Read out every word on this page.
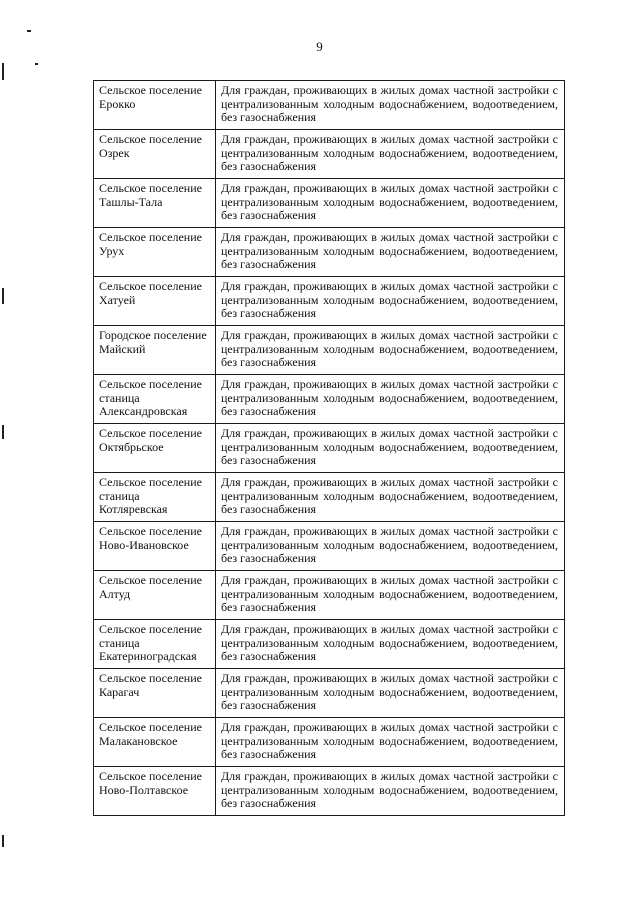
9
Сельское поселение
Ерокко	Для граждан, проживающих в жилых домах частной застройки с централизованным холодным водоснабжением, водоотведением, без газоснабжения
Сельское поселение
Озрек	Для граждан, проживающих в жилых домах частной застройки с централизованным холодным водоснабжением, водоотведением, без газоснабжения
Сельское поселение
Ташлы-Тала	Для граждан, проживающих в жилых домах частной застройки с централизованным холодным водоснабжением, водоотведением, без газоснабжения
Сельское поселение
Урух	Для граждан, проживающих в жилых домах частной застройки с централизованным холодным водоснабжением, водоотведением, без газоснабжения
Сельское поселение
Хатуей	Для граждан, проживающих в жилых домах частной застройки с централизованным холодным водоснабжением, водоотведением, без газоснабжения
Городское поселение
Майский	Для граждан, проживающих в жилых домах частной застройки с централизованным холодным водоснабжением, водоотведением, без газоснабжения
Сельское поселение
станица
Александровская	Для граждан, проживающих в жилых домах частной застройки с централизованным холодным водоснабжением, водоотведением, без газоснабжения
Сельское поселение
Октябрьское	Для граждан, проживающих в жилых домах частной застройки с централизованным холодным водоснабжением, водоотведением, без газоснабжения
Сельское поселение
станица
Котляревская	Для граждан, проживающих в жилых домах частной застройки с централизованным холодным водоснабжением, водоотведением, без газоснабжения
Сельское поселение
Ново-Ивановское	Для граждан, проживающих в жилых домах частной застройки с централизованным холодным водоснабжением, водоотведением, без газоснабжения
Сельское поселение
Алтуд	Для граждан, проживающих в жилых домах частной застройки с централизованным холодным водоснабжением, водоотведением, без газоснабжения
Сельское поселение
станица
Екатериноградская	Для граждан, проживающих в жилых домах частной застройки с централизованным холодным водоснабжением, водоотведением, без газоснабжения
Сельское поселение
Карагач	Для граждан, проживающих в жилых домах частной застройки с централизованным холодным водоснабжением, водоотведением, без газоснабжения
Сельское поселение
Малакановское	Для граждан, проживающих в жилых домах частной застройки с централизованным холодным водоснабжением, водоотведением, без газоснабжения
Сельское поселение
Ново-Полтавское	Для граждан, проживающих в жилых домах частной застройки с централизованным холодным водоснабжением, водоотведением, без газоснабжения
